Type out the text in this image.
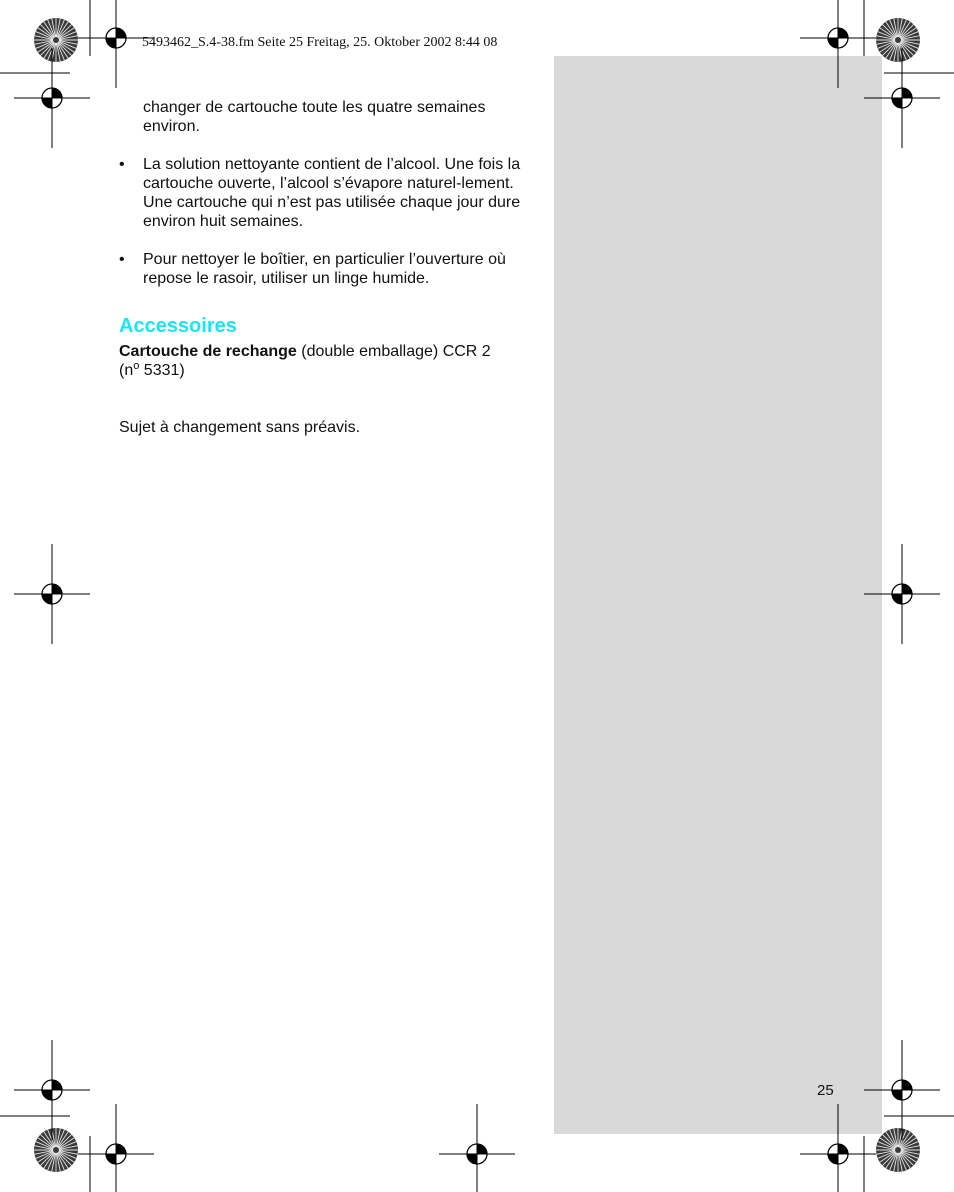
5493462_S.4-38.fm Seite 25 Freitag, 25. Oktober 2002 8:44 08

changer de cartouche toute les quatre semaines environ.

• La solution nettoyante contient de l’alcool. Une fois la cartouche ouverte, l’alcool s’évapore naturel-lement. Une cartouche qui n’est pas utilisée chaque jour dure environ huit semaines.
• Pour nettoyer le boîtier, en particulier l’ouverture où repose le rasoir, utiliser un linge humide.
Accessoires

Cartouche de rechange (double emballage) CCR 2
($n^o$ 5331)

Sujet à changement sans préavis.

25
